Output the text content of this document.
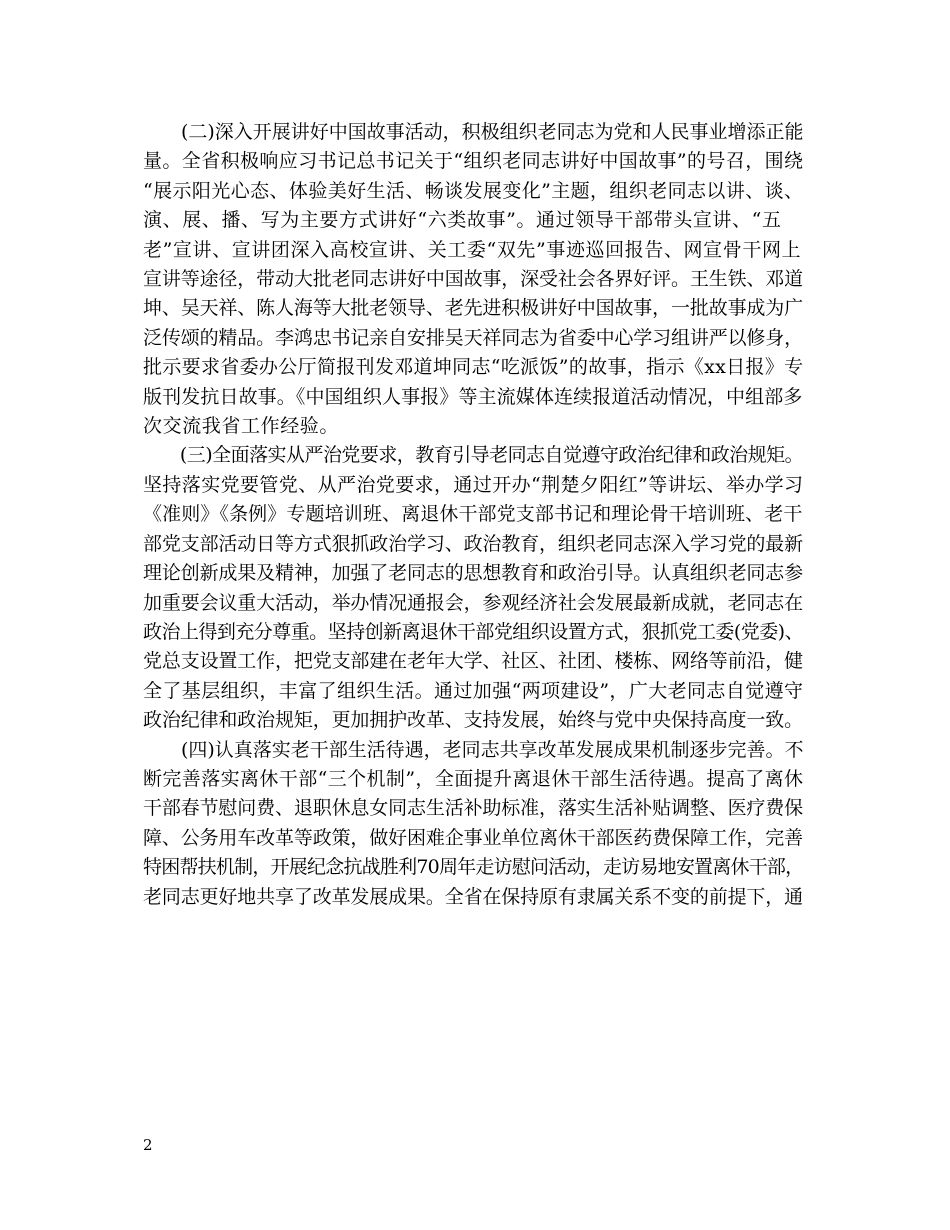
　　(二)深入开展讲好中国故事活动，积极组织老同志为党和人民事业增添正能
量。全省积极响应习书记总书记关于“组织老同志讲好中国故事”的号召，围绕
“展示阳光心态、体验美好生活、畅谈发展变化”主题，组织老同志以讲、谈、
演、展、播、写为主要方式讲好“六类故事”。通过领导干部带头宣讲、“五
老”宣讲、宣讲团深入高校宣讲、关工委“双先”事迹巡回报告、网宣骨干网上
宣讲等途径，带动大批老同志讲好中国故事，深受社会各界好评。王生铁、邓道
坤、吴天祥、陈人海等大批老领导、老先进积极讲好中国故事，一批故事成为广
泛传颂的精品。李鸿忠书记亲自安排吴天祥同志为省委中心学习组讲严以修身，
批示要求省委办公厅简报刊发邓道坤同志“吃派饭”的故事，指示《xx日报》专
版刊发抗日故事。《中国组织人事报》等主流媒体连续报道活动情况，中组部多
次交流我省工作经验。
　　(三)全面落实从严治党要求，教育引导老同志自觉遵守政治纪律和政治规矩。
坚持落实党要管党、从严治党要求，通过开办“荆楚夕阳红”等讲坛、举办学习
《准则》《条例》专题培训班、离退休干部党支部书记和理论骨干培训班、老干
部党支部活动日等方式狠抓政治学习、政治教育，组织老同志深入学习党的最新
理论创新成果及精神，加强了老同志的思想教育和政治引导。认真组织老同志参
加重要会议重大活动，举办情况通报会，参观经济社会发展最新成就，老同志在
政治上得到充分尊重。坚持创新离退休干部党组织设置方式，狠抓党工委(党委)、
党总支设置工作，把党支部建在老年大学、社区、社团、楼栋、网络等前沿，健
全了基层组织，丰富了组织生活。通过加强“两项建设”，广大老同志自觉遵守
政治纪律和政治规矩，更加拥护改革、支持发展，始终与党中央保持高度一致。
　　(四)认真落实老干部生活待遇，老同志共享改革发展成果机制逐步完善。不
断完善落实离休干部“三个机制”，全面提升离退休干部生活待遇。提高了离休
干部春节慰问费、退职休息女同志生活补助标准，落实生活补贴调整、医疗费保
障、公务用车改革等政策，做好困难企事业单位离休干部医药费保障工作，完善
特困帮扶机制，开展纪念抗战胜利70周年走访慰问活动，走访易地安置离休干部，
老同志更好地共享了改革发展成果。全省在保持原有隶属关系不变的前提下，通
2
